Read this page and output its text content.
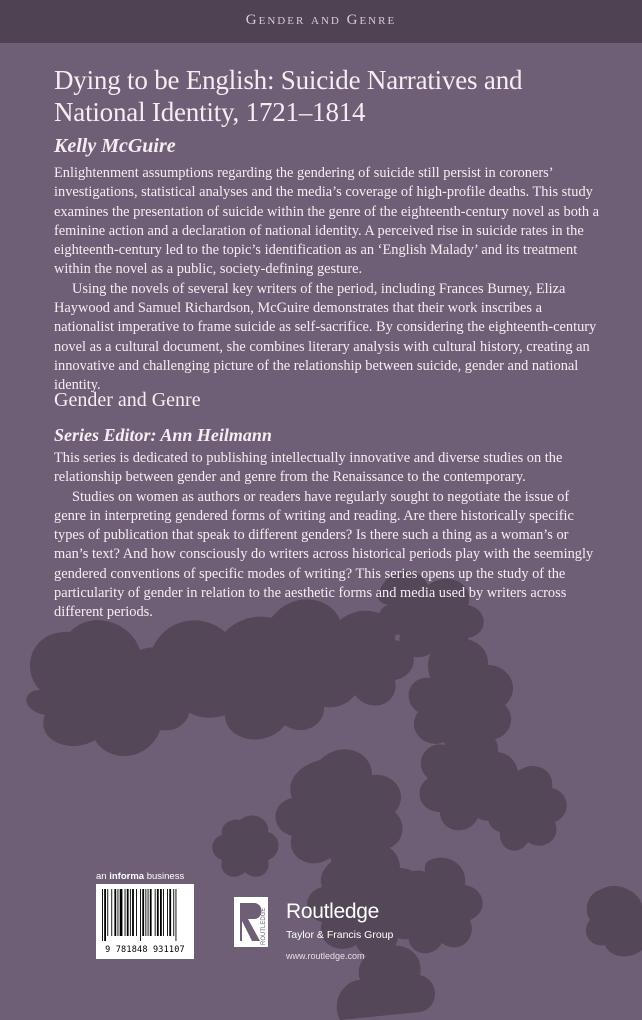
Gender and Genre
Dying to be English: Suicide Narratives and National Identity, 1721–1814
Kelly McGuire

Enlightenment assumptions regarding the gendering of suicide still persist in coroners’ investigations, statistical analyses and the media’s coverage of high-profile deaths. This study examines the presentation of suicide within the genre of the eighteenth-century novel as both a feminine action and a declaration of national identity. A perceived rise in suicide rates in the eighteenth-century led to the topic’s identification as an ‘English Malady’ and its treatment within the novel as a public, society-defining gesture.

Using the novels of several key writers of the period, including Frances Burney, Eliza Haywood and Samuel Richardson, McGuire demonstrates that their work inscribes a nationalist imperative to frame suicide as self-sacrifice. By considering the eighteenth-century novel as a cultural document, she combines literary analysis with cultural history, creating an innovative and challenging picture of the relationship between suicide, gender and national identity.

Gender and Genre
Series Editor: Ann Heilmann

This series is dedicated to publishing intellectually innovative and diverse studies on the relationship between gender and genre from the Renaissance to the contemporary.

Studies on women as authors or readers have regularly sought to negotiate the issue of genre in interpreting gendered forms of writing and reading. Are there historically specific types of publication that speak to different genders? Is there such a thing as a woman’s or man’s text? And how consciously do writers across historical periods play with the seemingly gendered conventions of specific modes of writing? This series opens up the study of the particularity of gender in relation to the aesthetic forms and media used by writers across different periods.

an informa business
9 781848 931107
ROUTLEDGE Routledge
Taylor & Francis Group
www.routledge.com
